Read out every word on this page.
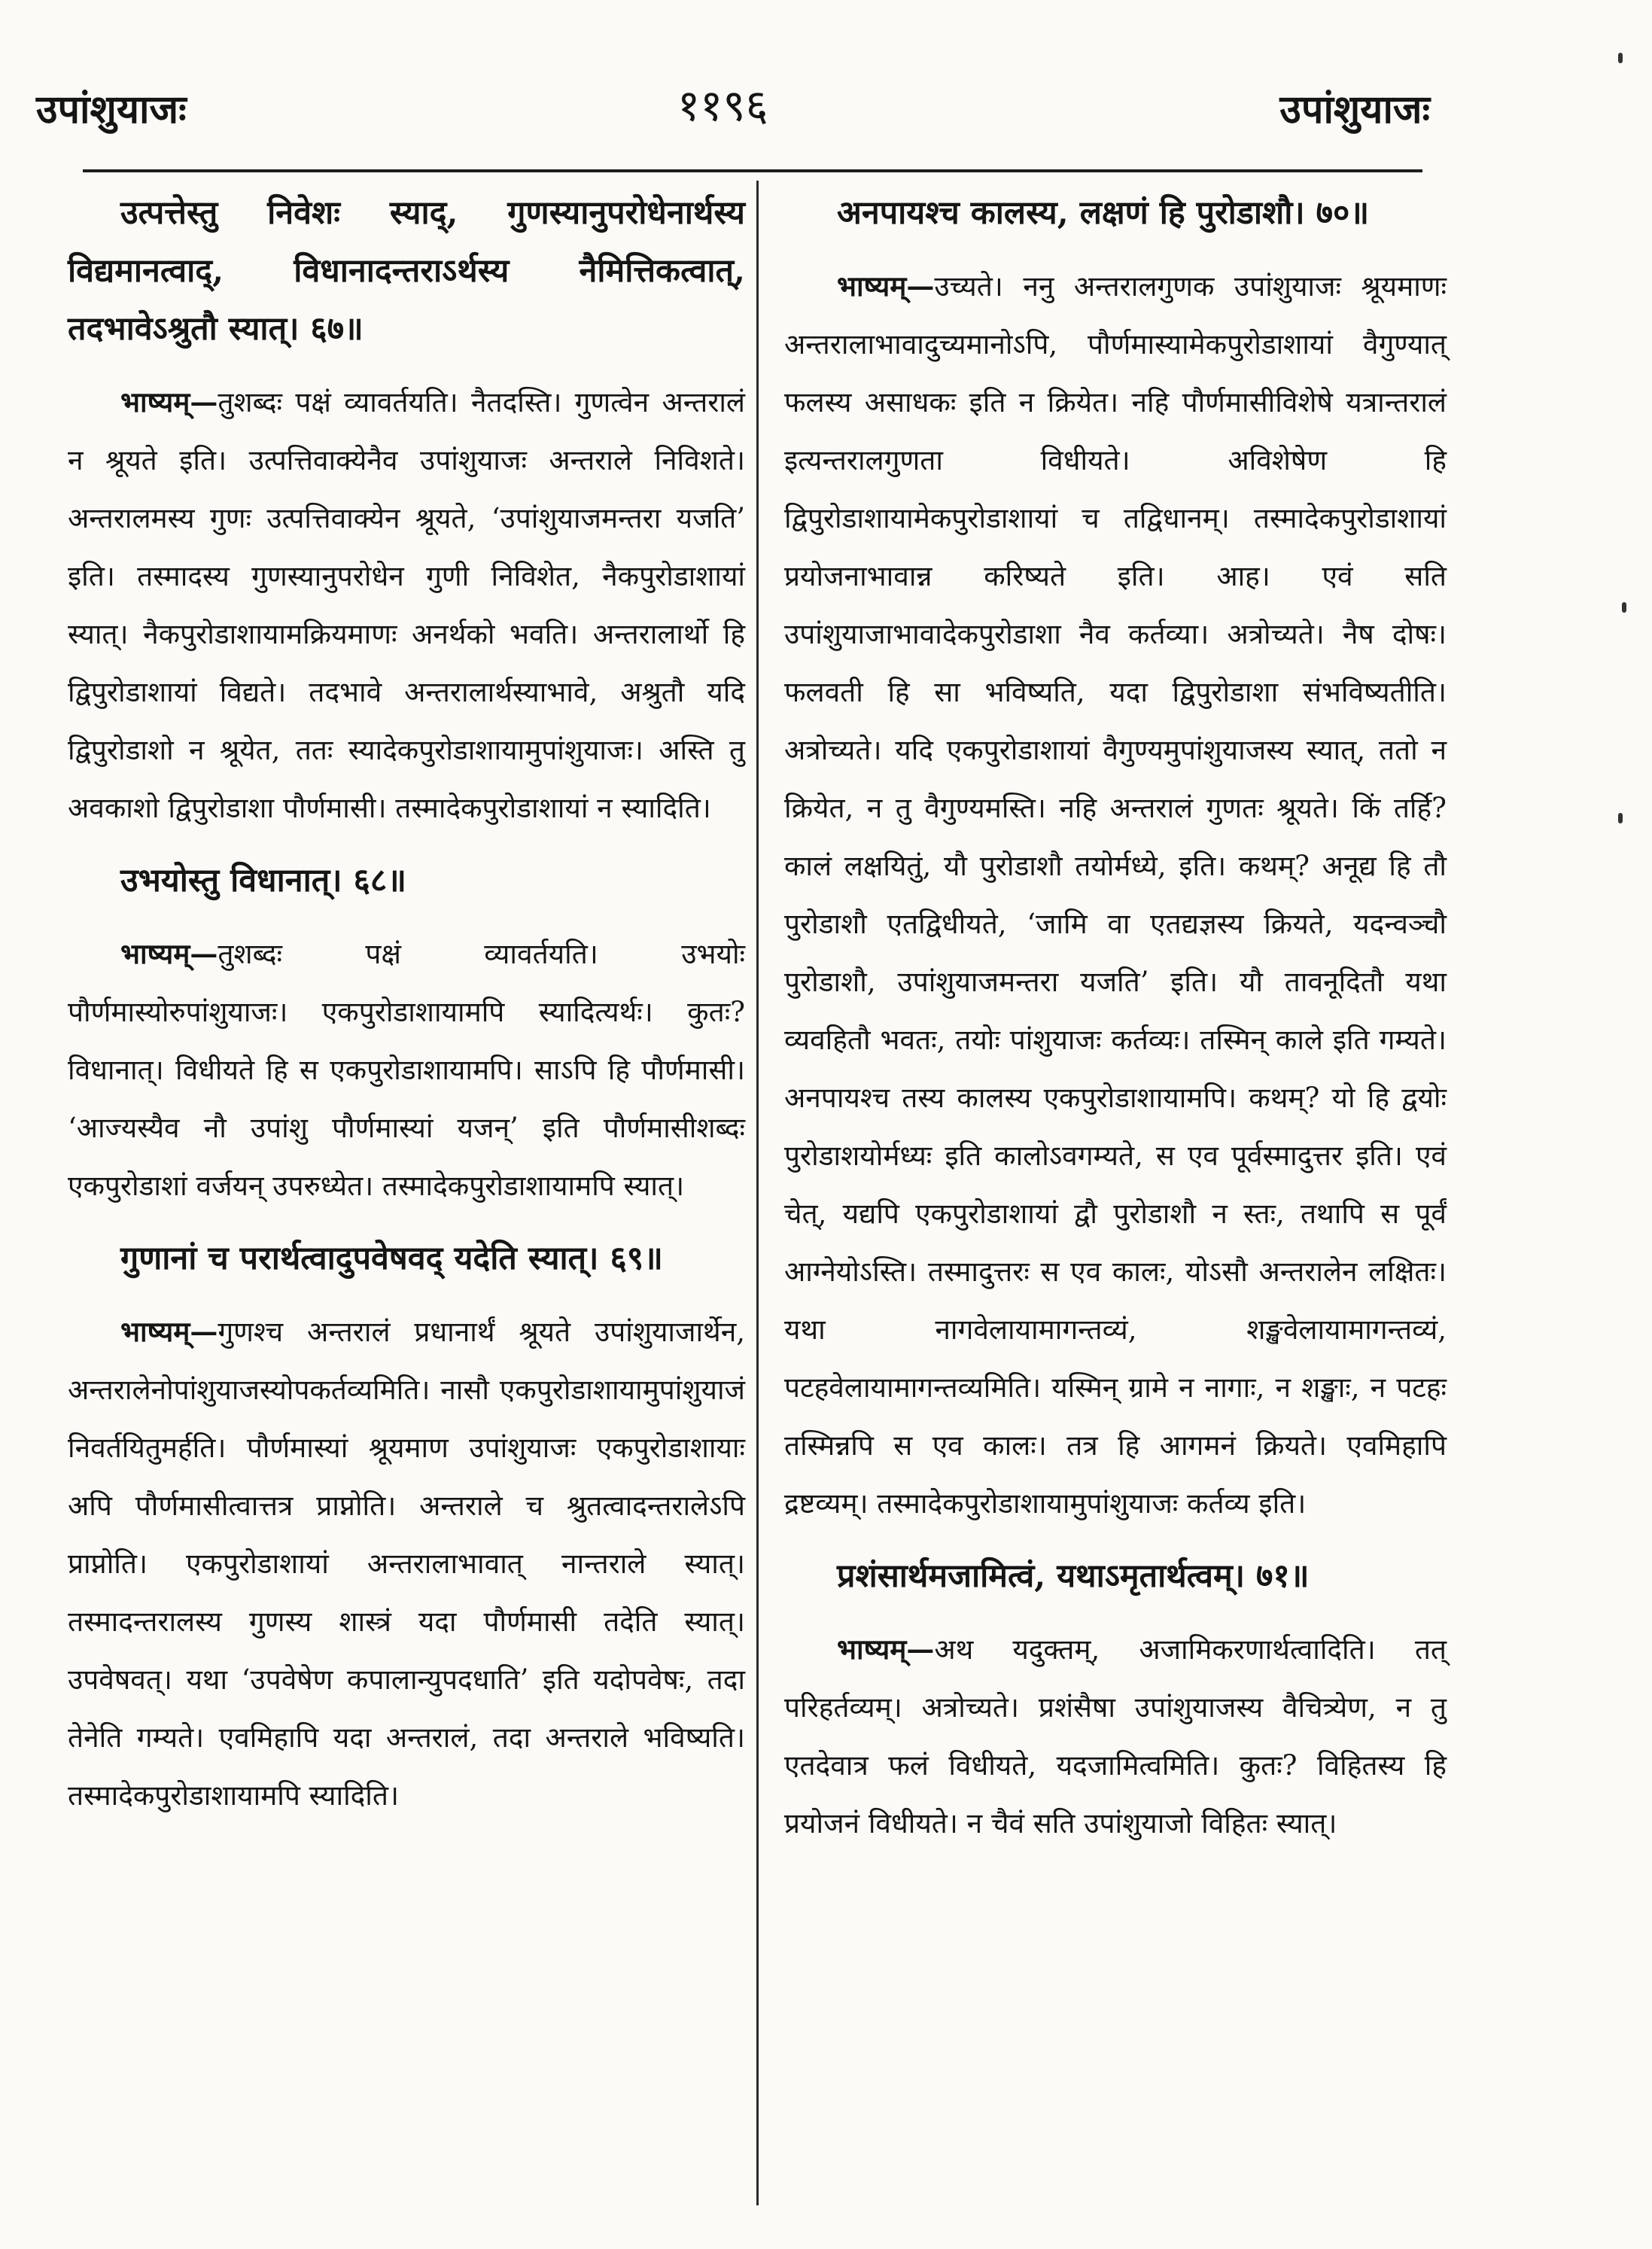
उपांशुयाजः	११९६	उपांशुयाजः
उत्पत्तेस्तु निवेशः स्याद्, गुणस्यानुपरोधेनार्थस्य विद्यमानत्वाद्, विधानादन्तराऽर्थस्य नैमित्तिकत्वात्, तदभावेऽश्रुतौ स्यात्। ६७॥
भाष्यम्—तुशब्दः पक्षं व्यावर्तयति। नैतदस्ति। गुणत्वेन अन्तरालं न श्रूयते इति। उत्पत्तिवाक्येनैव उपांशुयाजः अन्तराले निविशते। अन्तरालमस्य गुणः उत्पत्तिवाक्येन श्रूयते, ‘उपांशुयाजमन्तरा यजति’ इति। तस्मादस्य गुणस्यानुपरोधेन गुणी निविशेत, नैकपुरोडाशायां स्यात्। नैकपुरोडाशायामक्रियमाणः अनर्थको भवति। अन्तरालार्थो हि द्विपुरोडाशायां विद्यते। तदभावे अन्तरालार्थस्याभावे, अश्रुतौ यदि द्विपुरोडाशो न श्रूयेत, ततः स्यादेकपुरोडाशायामुपांशुयाजः। अस्ति तु अवकाशो द्विपुरोडाशा पौर्णमासी। तस्मादेकपुरोडाशायां न स्यादिति।
उभयोस्तु विधानात्। ६८॥
भाष्यम्—तुशब्दः पक्षं व्यावर्तयति। उभयोः पौर्णमास्योरुपांशुयाजः। एकपुरोडाशायामपि स्यादित्यर्थः। कुतः? विधानात्। विधीयते हि स एकपुरोडाशायामपि। साऽपि हि पौर्णमासी। ‘आज्यस्यैव नौ उपांशु पौर्णमास्यां यजन्’ इति पौर्णमासीशब्दः एकपुरोडाशां वर्जयन् उपरुध्येत। तस्मादेकपुरोडाशायामपि स्यात्।
गुणानां च परार्थत्वादुपवेषवद् यदेति स्यात्। ६९॥
भाष्यम्—गुणश्च अन्तरालं प्रधानार्थं श्रूयते उपांशुयाजार्थेन, अन्तरालेनोपांशुयाजस्योपकर्तव्यमिति। नासौ एकपुरोडाशायामुपांशुयाजं निवर्तयितुमर्हति। पौर्णमास्यां श्रूयमाण उपांशुयाजः एकपुरोडाशायाः अपि पौर्णमासीत्वात्तत्र प्राप्नोति। अन्तराले च श्रुतत्वादन्तरालेऽपि प्राप्नोति। एकपुरोडाशायां अन्तरालाभावात् नान्तराले स्यात्। तस्मादन्तरालस्य गुणस्य शास्त्रं यदा पौर्णमासी तदेति स्यात्। उपवेषवत्। यथा ‘उपवेषेण कपालान्युपदधाति’ इति यदोपवेषः, तदा तेनेति गम्यते। एवमिहापि यदा अन्तरालं, तदा अन्तराले भविष्यति। तस्मादेकपुरोडाशायामपि स्यादिति।
अनपायश्च कालस्य, लक्षणं हि पुरोडाशौ। ७०॥
भाष्यम्—उच्यते। ननु अन्तरालगुणक उपांशुयाजः श्रूयमाणः अन्तरालाभावादुच्यमानोऽपि, पौर्णमास्यामेकपुरोडाशायां वैगुण्यात् फलस्य असाधकः इति न क्रियेत। नहि पौर्णमासीविशेषे यत्रान्तरालं इत्यन्तरालगुणता विधीयते। अविशेषेण हि द्विपुरोडाशायामेकपुरोडाशायां च तद्विधानम्। तस्मादेकपुरोडाशायां प्रयोजनाभावान्न करिष्यते इति। आह। एवं सति उपांशुयाजाभावादेकपुरोडाशा नैव कर्तव्या। अत्रोच्यते। नैष दोषः। फलवती हि सा भविष्यति, यदा द्विपुरोडाशा संभविष्यतीति। अत्रोच्यते। यदि एकपुरोडाशायां वैगुण्यमुपांशुयाजस्य स्यात्, ततो न क्रियेत, न तु वैगुण्यमस्ति। नहि अन्तरालं गुणतः श्रूयते। किं तर्हि? कालं लक्षयितुं, यौ पुरोडाशौ तयोर्मध्ये, इति। कथम्? अनूद्य हि तौ पुरोडाशौ एतद्विधीयते, ‘जामि वा एतद्यज्ञस्य क्रियते, यदन्वञ्चौ पुरोडाशौ, उपांशुयाजमन्तरा यजति’ इति। यौ तावनूदितौ यथा व्यवहितौ भवतः, तयोः पांशुयाजः कर्तव्यः। तस्मिन् काले इति गम्यते। अनपायश्च तस्य कालस्य एकपुरोडाशायामपि। कथम्? यो हि द्वयोः पुरोडाशयोर्मध्यः इति कालोऽवगम्यते, स एव पूर्वस्मादुत्तर इति। एवं चेत्, यद्यपि एकपुरोडाशायां द्वौ पुरोडाशौ न स्तः, तथापि स पूर्वं आग्नेयोऽस्ति। तस्मादुत्तरः स एव कालः, योऽसौ अन्तरालेन लक्षितः। यथा नागवेलायामागन्तव्यं, शङ्खवेलायामागन्तव्यं, पटहवेलायामागन्तव्यमिति। यस्मिन् ग्रामे न नागाः, न शङ्खाः, न पटहः तस्मिन्नपि स एव कालः। तत्र हि आगमनं क्रियते। एवमिहापि द्रष्टव्यम्। तस्मादेकपुरोडाशायामुपांशुयाजः कर्तव्य इति।
प्रशंसार्थमजामित्वं, यथाऽमृतार्थत्वम्। ७१॥
भाष्यम्—अथ यदुक्तम्, अजामिकरणार्थत्वादिति। तत् परिहर्तव्यम्। अत्रोच्यते। प्रशंसैषा उपांशुयाजस्य वैचित्र्येण, न तु एतदेवात्र फलं विधीयते, यदजामित्वमिति। कुतः? विहितस्य हि प्रयोजनं विधीयते। न चैवं सति उपांशुयाजो विहितः स्यात्।
